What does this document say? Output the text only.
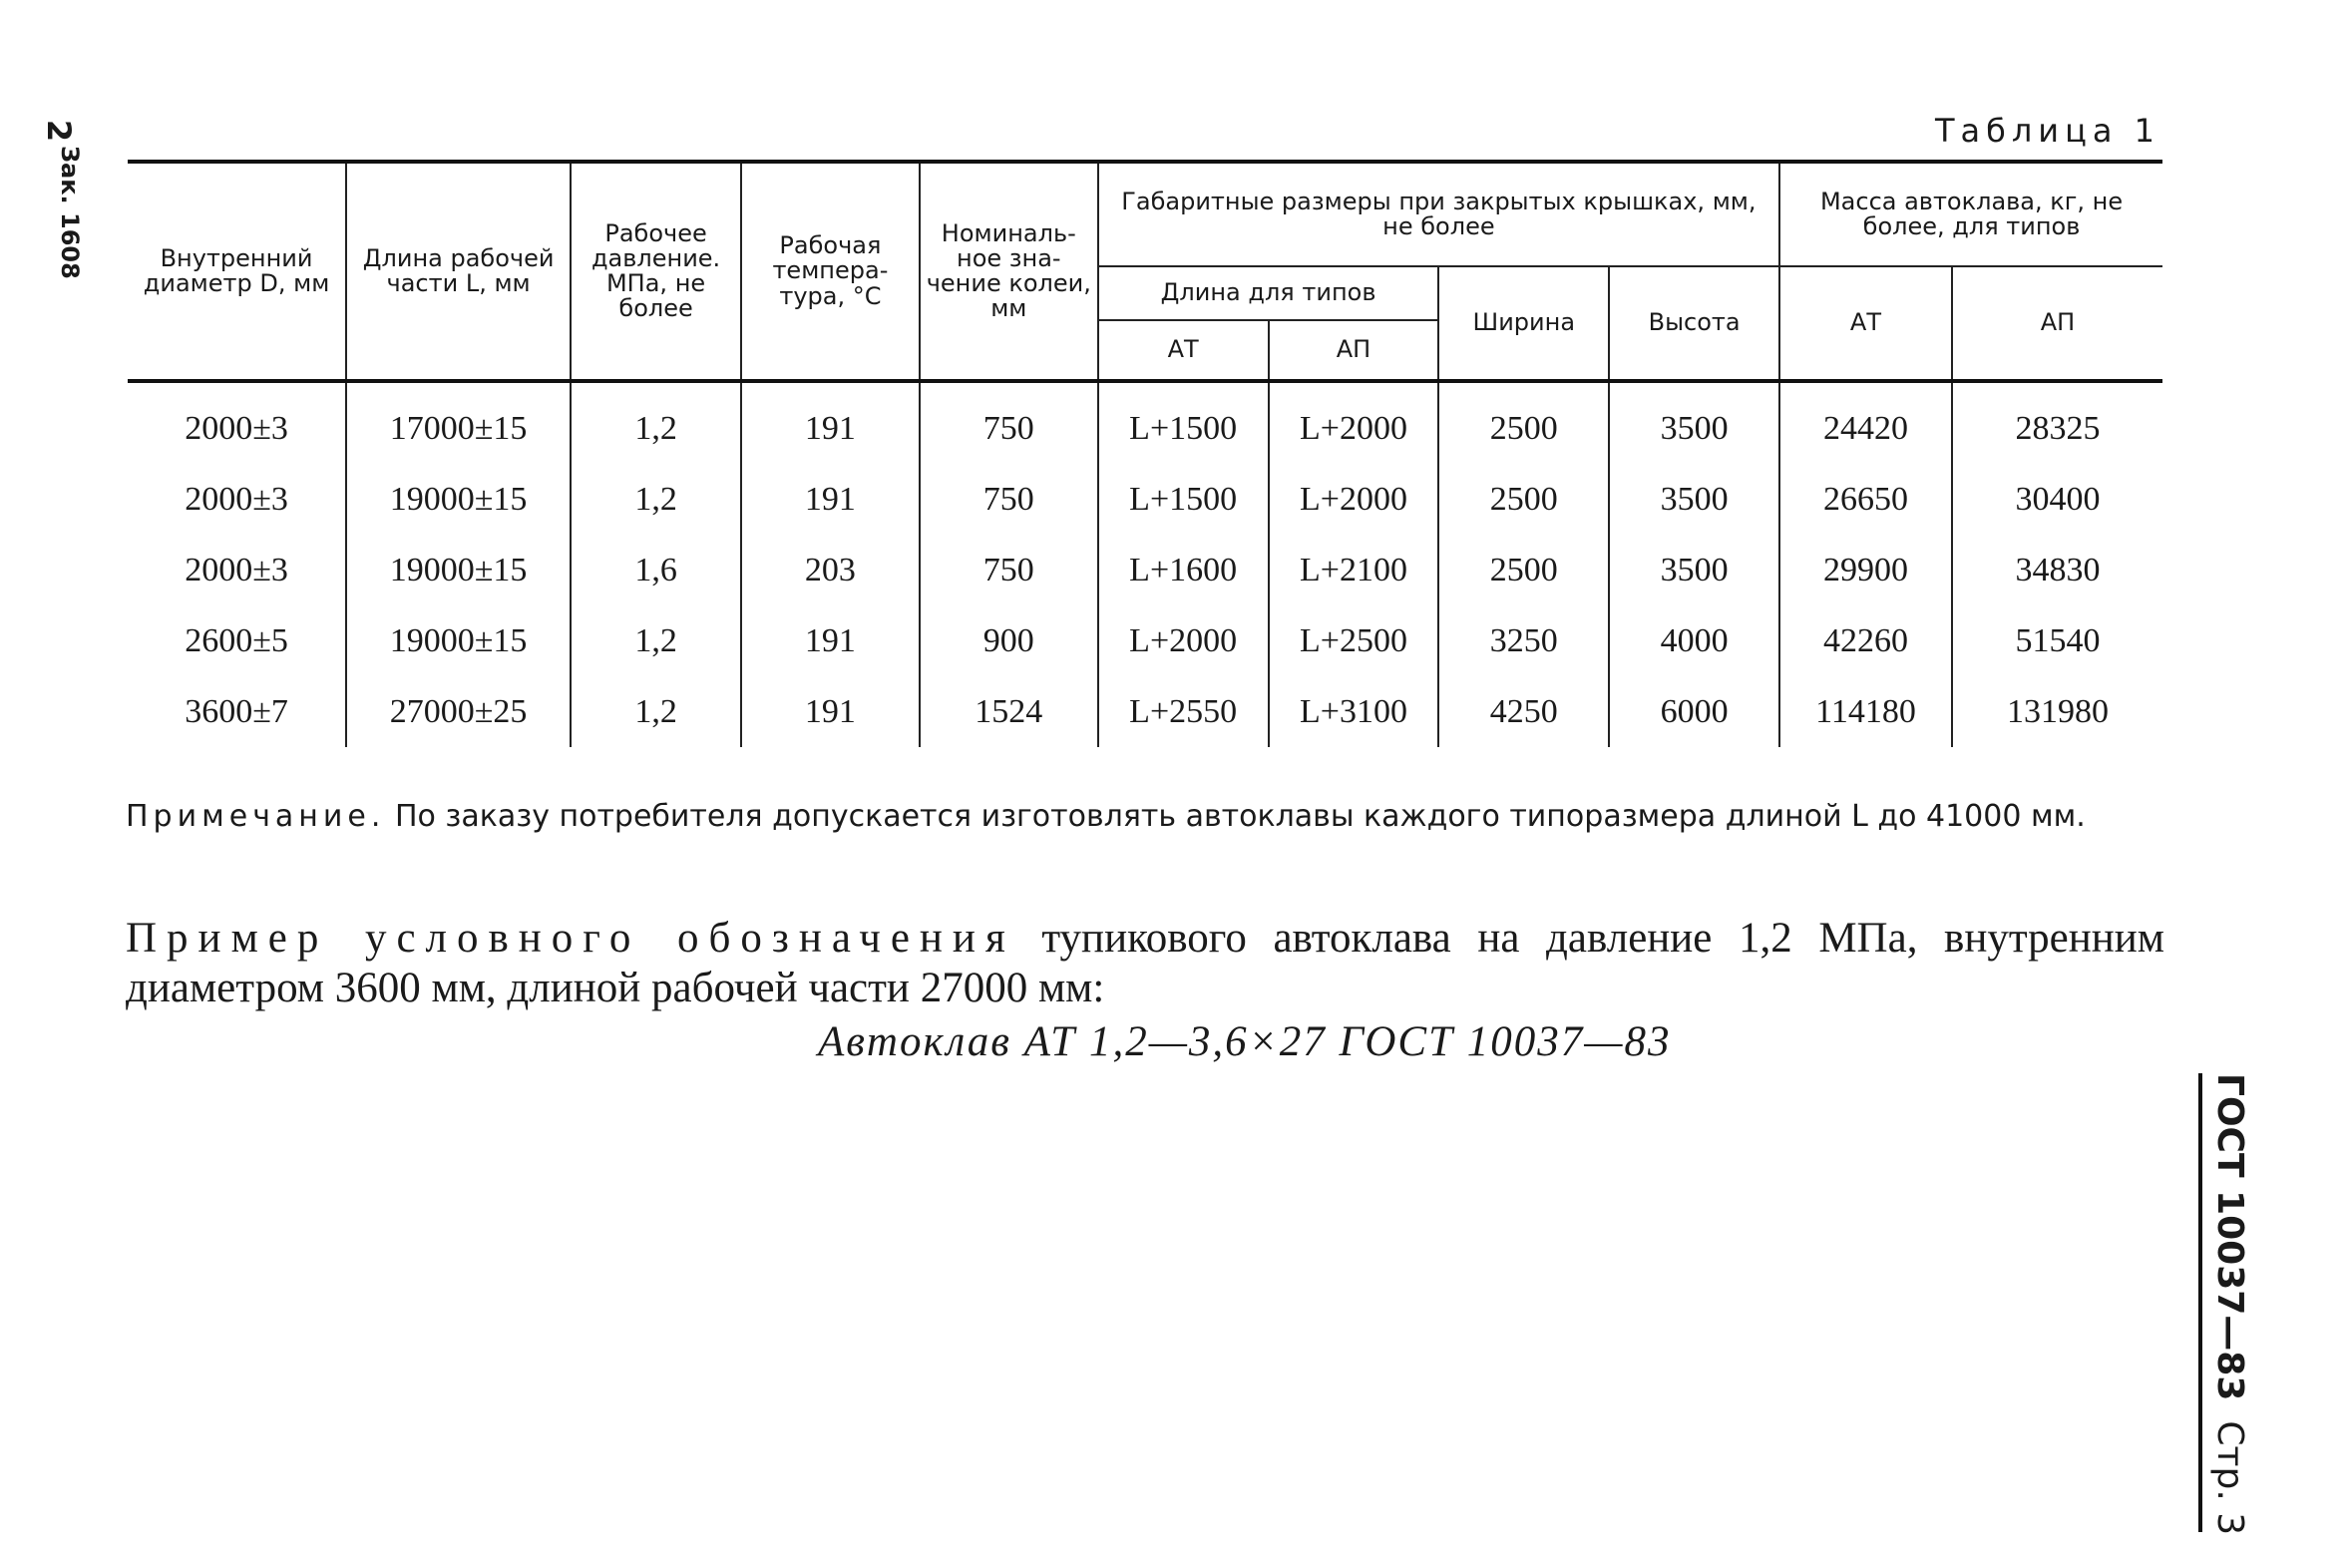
2
Зак. 1608
Таблица 1
Внутренний диаметр D, мм	Длина рабочей части L, мм	Рабочее давление. МПа, не более	Рабочая темпера-тура, °С	Номиналь-ное зна-чение колеи, мм	Габаритные размеры при закрытых крышках, мм, не более				Масса автоклава, кг, не более, для типов	
					Длина для типов		Ширина	Высота	АТ	АП
					АТ	АП				
2000±3	17000±15	1,2	191	750	L+1500	L+2000	2500	3500	24420	28325
2000±3	19000±15	1,2	191	750	L+1500	L+2000	2500	3500	26650	30400
2000±3	19000±15	1,6	203	750	L+1600	L+2100	2500	3500	29900	34830
2600±5	19000±15	1,2	191	900	L+2000	L+2500	3250	4000	42260	51540
3600±7	27000±25	1,2	191	1524	L+2550	L+3100	4250	6000	114180	131980
Примечание. По заказу потребителя допускается изготовлять автоклавы каждого типоразмера длиной L до 41000 мм.
Пример условного обозначения тупикового автоклава на давление 1,2 МПа, внутренним диаметром 3600 мм, длиной рабочей части 27000 мм:
Автоклав АТ 1,2—3,6×27 ГОСТ 10037—83
ГОСТ 10037—83Стр. 3
